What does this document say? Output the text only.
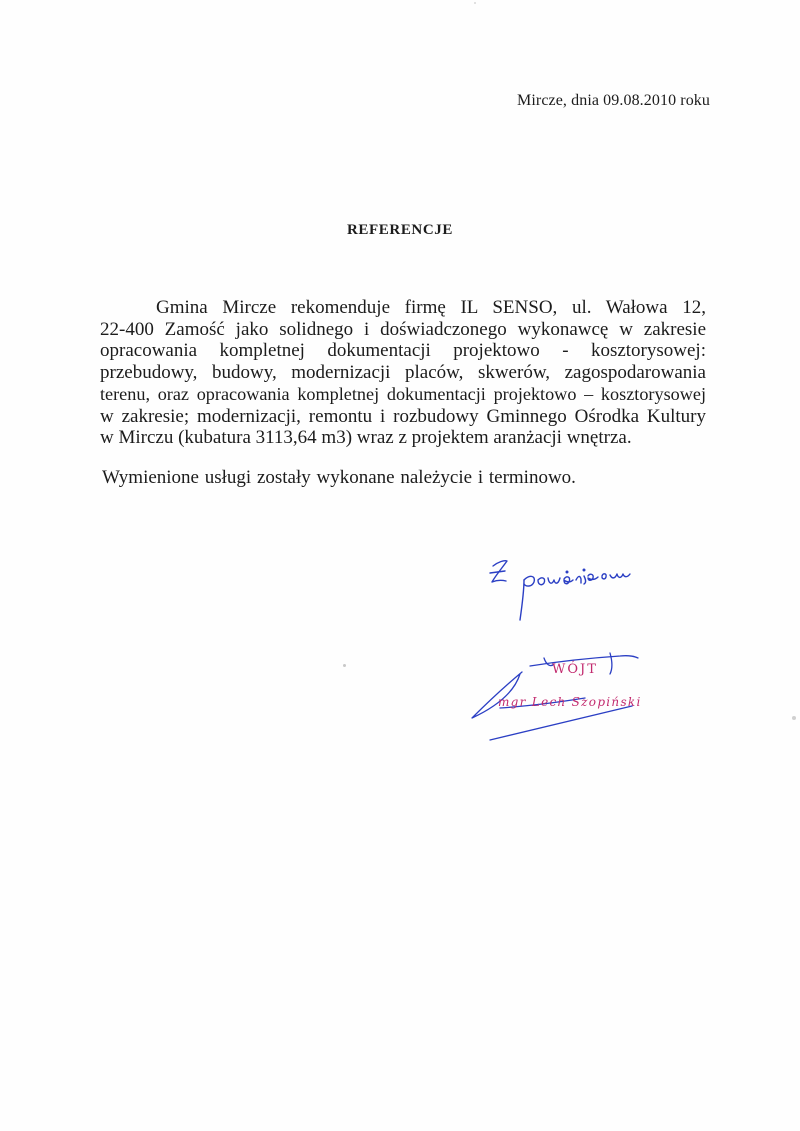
Mircze, dnia 09.08.2010 roku
REFERENCJE
Gmina Mircze rekomenduje firmę IL SENSO, ul. Wałowa 12,
22-400 Zamość jako solidnego i doświadczonego wykonawcę w zakresie
opracowania kompletnej dokumentacji projektowo - kosztorysowej:
przebudowy, budowy, modernizacji placów, skwerów, zagospodarowania
terenu, oraz opracowania kompletnej dokumentacji projektowo – kosztorysowej
w zakresie; modernizacji, remontu i rozbudowy Gminnego Ośrodka Kultury
w Mirczu (kubatura 3113,64 m3) wraz z projektem aranżacji wnętrza.
Wymienione usługi zostały wykonane należycie i terminowo.
WÓJT
mgr Lech Szopiński
